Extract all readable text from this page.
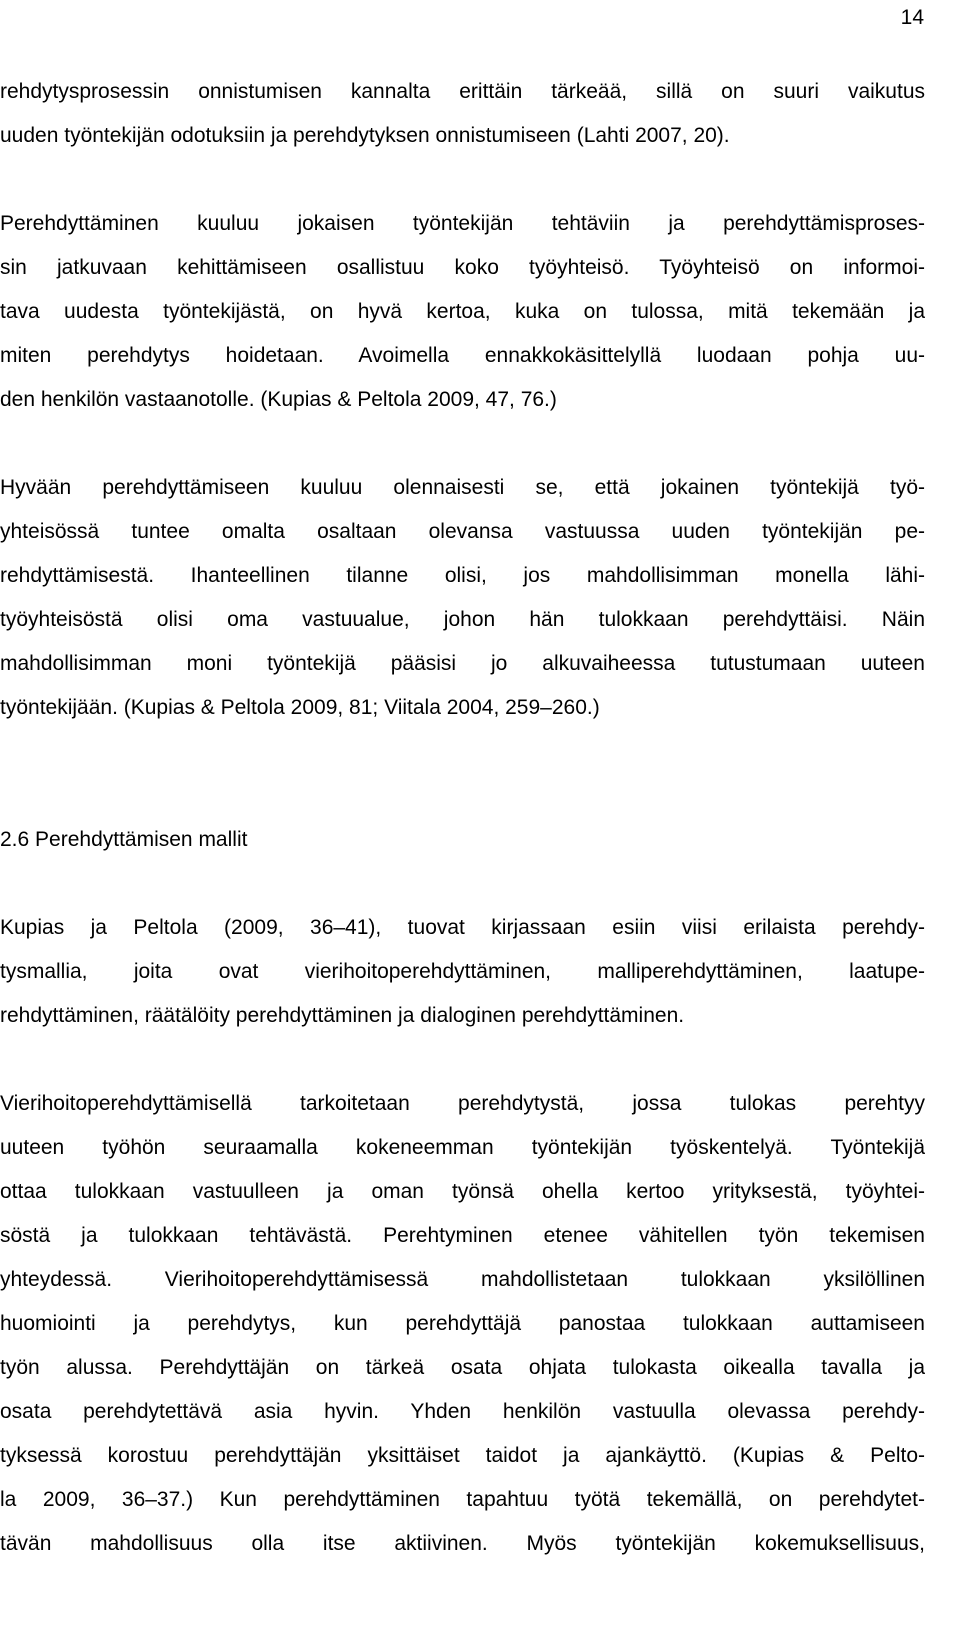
14
rehdytysprosessin onnistumisen kannalta erittäin tärkeää, sillä on suuri vaikutus
uuden työntekijän odotuksiin ja perehdytyksen onnistumiseen (Lahti 2007, 20).
Perehdyttäminen kuuluu jokaisen työntekijän tehtäviin ja perehdyttämisproses-
sin jatkuvaan kehittämiseen osallistuu koko työyhteisö. Työyhteisö on informoi-
tava uudesta työntekijästä, on hyvä kertoa, kuka on tulossa, mitä tekemään ja
miten perehdytys hoidetaan. Avoimella ennakkokäsittelyllä luodaan pohja uu-
den henkilön vastaanotolle. (Kupias & Peltola 2009, 47, 76.)
Hyvään perehdyttämiseen kuuluu olennaisesti se, että jokainen työntekijä työ-
yhteisössä tuntee omalta osaltaan olevansa vastuussa uuden työntekijän pe-
rehdyttämisestä. Ihanteellinen tilanne olisi, jos mahdollisimman monella lähi-
työyhteisöstä olisi oma vastuualue, johon hän tulokkaan perehdyttäisi. Näin
mahdollisimman moni työntekijä pääsisi jo alkuvaiheessa tutustumaan uuteen
työntekijään. (Kupias & Peltola 2009, 81; Viitala 2004, 259–260.)
2.6 Perehdyttämisen mallit
Kupias ja Peltola (2009, 36–41), tuovat kirjassaan esiin viisi erilaista perehdy-
tysmallia, joita ovat vierihoitoperehdyttäminen, malliperehdyttäminen, laatupe-
rehdyttäminen, räätälöity perehdyttäminen ja dialoginen perehdyttäminen.
Vierihoitoperehdyttämisellä tarkoitetaan perehdytystä, jossa tulokas perehtyy
uuteen työhön seuraamalla kokeneemman työntekijän työskentelyä. Työntekijä
ottaa tulokkaan vastuulleen ja oman työnsä ohella kertoo yrityksestä, työyhtei-
söstä ja tulokkaan tehtävästä. Perehtyminen etenee vähitellen työn tekemisen
yhteydessä. Vierihoitoperehdyttämisessä mahdollistetaan tulokkaan yksilöllinen
huomiointi ja perehdytys, kun perehdyttäjä panostaa tulokkaan auttamiseen
työn alussa. Perehdyttäjän on tärkeä osata ohjata tulokasta oikealla tavalla ja
osata perehdytettävä asia hyvin. Yhden henkilön vastuulla olevassa perehdy-
tyksessä korostuu perehdyttäjän yksittäiset taidot ja ajankäyttö. (Kupias & Pelto-
la 2009, 36–37.) Kun perehdyttäminen tapahtuu työtä tekemällä, on perehdytet-
tävän mahdollisuus olla itse aktiivinen. Myös työntekijän kokemuksellisuus,
